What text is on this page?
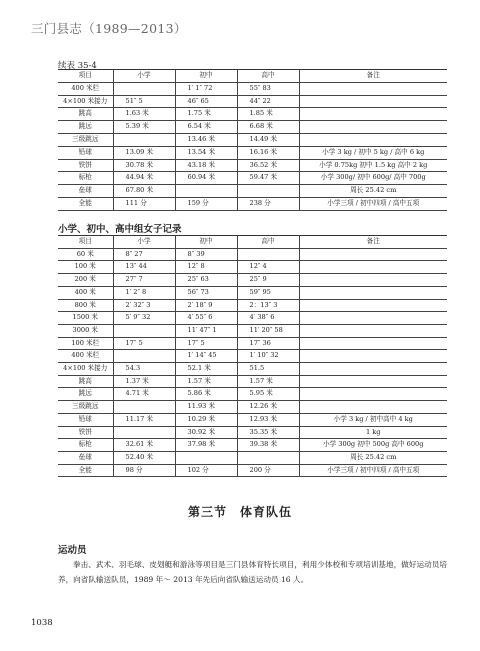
三门县志（1989—2013）
续表 35-4
项目	小学	初中	高中	备注
400 米栏		1′ 1″ 72	55″ 83	
4×100 米接力	51″ 5	46″ 65	44″ 22	
跳高	1.63 米	1.75 米	1.85 米	
跳远	5.39 米	6.54 米	6.68 米	
三级跳远		13.46 米	14.49 米	
铅球	13.09 米	13.54 米	16.16 米	小学 3 kg / 初中 5 kg / 高中 6 kg
铁饼	30.78 米	43.18 米	36.52 米	小学 0.75kg 初中 1.5 kg 高中 2 kg
标枪	44.94 米	60.94 米	59.47 米	小学 300g/ 初中 600g/ 高中 700g
垒球	67.80 米			周长 25.42 cm
全能	111 分	159 分	238 分	小学三项 / 初中四项 / 高中五项
小学、初中、高中组女子记录
项目	小学	初中	高中	备注
60 米	8″ 27	8″ 39		
100 米	13″ 44	12″ 8	12″ 4	
200 米	27″ 7	25″ 63	25″ 9	
400 米	1′ 2″ 8	56″ 73	59″ 95	
800 米	2′ 32″ 3	2′ 18″ 9	2：13″ 3	
1500 米	5′ 9″ 32	4′ 55″ 6	4′ 38″ 6	
3000 米		11′ 47″ 1	11′ 20″ 58	
100 米栏	17″ 5	17″ 5	17″ 36	
400 米栏		1′ 14″ 45	1′ 10″ 32	
4×100 米接力	54.3	52.1 米	51.5	
跳高	1.37 米	1.57 米	1.57 米	
跳远	4.71 米	5.86 米	5.95 米	
三级跳远		11.93 米	12.26 米	
铅球	11.17 米	10.29 米	12.93 米	小学 3 kg / 初中高中 4 kg
铁饼		30.92 米	35.35 米	1 kg
标枪	32.61 米	37.98 米	39.38 米	小学 300g 初中 500g 高中 600g
垒球	52.40 米			周长 25.42 cm
全能	98 分	102 分	200 分	小学三项 / 初中四项 / 高中五项
第三节　体育队伍
运动员
拳击、武术、羽毛球、皮划艇和游泳等项目是三门县体育特长项目，利用少体校和专项培训基地，做好运动员培养，向省队输送队员，1989 年～ 2013 年先后向省队输送运动员 16 人。
1038
